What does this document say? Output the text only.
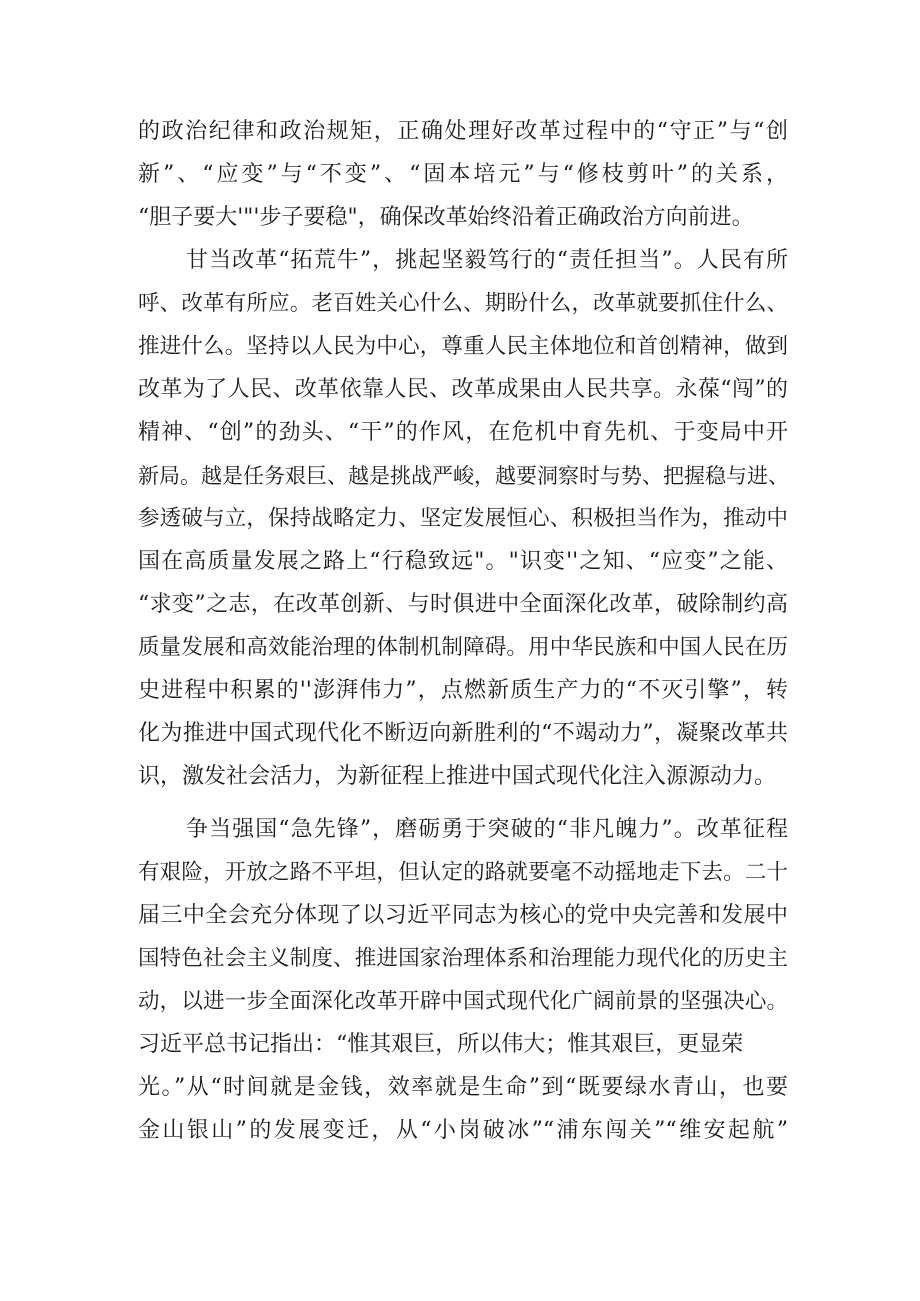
的政治纪律和政治规矩，正确处理好改革过程中的“守正”与“创
新”、“应变”与“不变”、“固本培元”与“修枝剪叶”的关系，
“胆子要大'"'步子要稳"，确保改革始终沿着正确政治方向前进。
甘当改革“拓荒牛”，挑起坚毅笃行的“责任担当”。人民有所
呼、改革有所应。老百姓关心什么、期盼什么，改革就要抓住什么、
推进什么。坚持以人民为中心，尊重人民主体地位和首创精神，做到
改革为了人民、改革依靠人民、改革成果由人民共享。永葆“闯”的
精神、“创”的劲头、“干”的作风，在危机中育先机、于变局中开
新局。越是任务艰巨、越是挑战严峻，越要洞察时与势、把握稳与进、
参透破与立，保持战略定力、坚定发展恒心、积极担当作为，推动中
国在高质量发展之路上“行稳致远"。"识变''之知、“应变”之能、
“求变”之志，在改革创新、与时俱进中全面深化改革，破除制约高
质量发展和高效能治理的体制机制障碍。用中华民族和中国人民在历
史进程中积累的''澎湃伟力”，点燃新质生产力的“不灭引擎”，转
化为推进中国式现代化不断迈向新胜利的“不竭动力”，凝聚改革共
识，激发社会活力，为新征程上推进中国式现代化注入源源动力。
争当强国“急先锋”，磨砺勇于突破的“非凡魄力”。改革征程
有艰险，开放之路不平坦，但认定的路就要毫不动摇地走下去。二十
届三中全会充分体现了以习近平同志为核心的党中央完善和发展中
国特色社会主义制度、推进国家治理体系和治理能力现代化的历史主
动，以进一步全面深化改革开辟中国式现代化广阔前景的坚强决心。
习近平总书记指出：“惟其艰巨，所以伟大；惟其艰巨，更显荣
光。”从“时间就是金钱，效率就是生命”到“既要绿水青山，也要
金山银山”的发展变迁，从“小岗破冰”“浦东闯关”“维安起航”
